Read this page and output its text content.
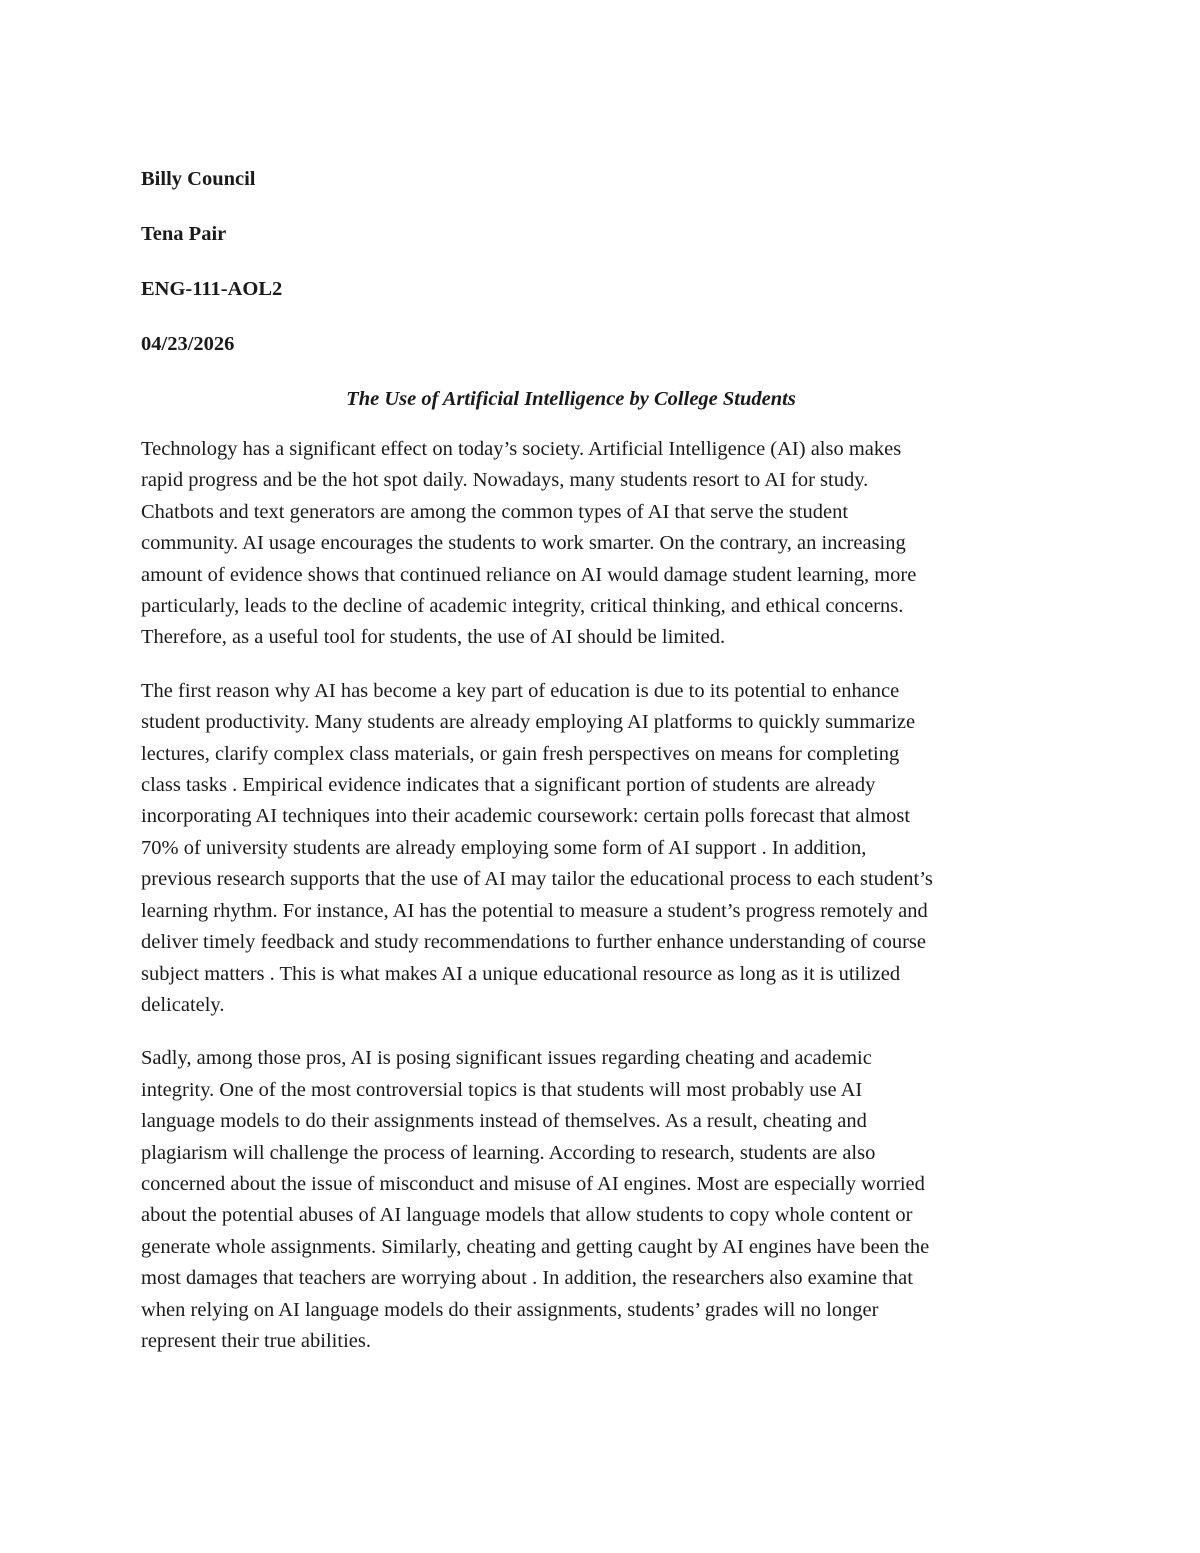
Billy Council
Tena Pair
ENG-111-AOL2
04/23/2026
The Use of Artificial Intelligence by College Students
Technology has a significant effect on today’s society. Artificial Intelligence (AI) also makes
rapid progress and be the hot spot daily. Nowadays, many students resort to AI for study.
Chatbots and text generators are among the common types of AI that serve the student
community. AI usage encourages the students to work smarter. On the contrary, an increasing
amount of evidence shows that continued reliance on AI would damage student learning, more
particularly, leads to the decline of academic integrity, critical thinking, and ethical concerns.
Therefore, as a useful tool for students, the use of AI should be limited.
The first reason why AI has become a key part of education is due to its potential to enhance
student productivity. Many students are already employing AI platforms to quickly summarize
lectures, clarify complex class materials, or gain fresh perspectives on means for completing
class tasks . Empirical evidence indicates that a significant portion of students are already
incorporating AI techniques into their academic coursework: certain polls forecast that almost
70% of university students are already employing some form of AI support . In addition,
previous research supports that the use of AI may tailor the educational process to each student’s
learning rhythm. For instance, AI has the potential to measure a student’s progress remotely and
deliver timely feedback and study recommendations to further enhance understanding of course
subject matters . This is what makes AI a unique educational resource as long as it is utilized
delicately.
Sadly, among those pros, AI is posing significant issues regarding cheating and academic
integrity. One of the most controversial topics is that students will most probably use AI
language models to do their assignments instead of themselves. As a result, cheating and
plagiarism will challenge the process of learning. According to research, students are also
concerned about the issue of misconduct and misuse of AI engines. Most are especially worried
about the potential abuses of AI language models that allow students to copy whole content or
generate whole assignments. Similarly, cheating and getting caught by AI engines have been the
most damages that teachers are worrying about . In addition, the researchers also examine that
when relying on AI language models do their assignments, students’ grades will no longer
represent their true abilities.
